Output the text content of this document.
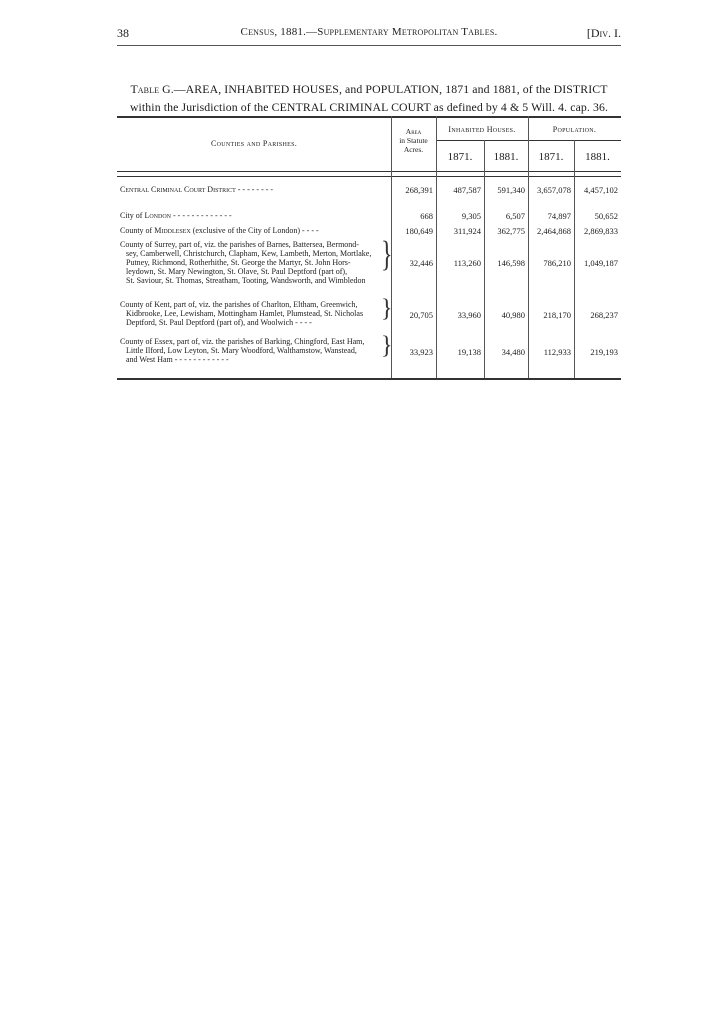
38	Census, 1881.—Supplementary Metropolitan Tables.	[Div. I.
Table G.—AREA, INHABITED HOUSES, and POPULATION, 1871 and 1881, of the DISTRICT
within the Jurisdiction of the CENTRAL CRIMINAL COURT as defined by 4 & 5 Will. 4. cap. 36.
Counties and Parishes.
Area
in Statute
Acres.
Inhabited Houses.	Population.
1871.	1881.	1871.	1881.
Central Criminal Court District - - - - - - - -	268,391	487,587	591,340	3,657,078	4,457,102
City of London - - - - - - - - - - - - -	668	9,305	6,507	74,897	50,652
County of Middlesex (exclusive of the City of London) - - - -	180,649	311,924	362,775	2,464,868	2,869,833
County of Surrey, part of, viz. the parishes of Barnes, Battersea, Bermond-
sey, Camberwell, Christchurch, Clapham, Kew, Lambeth, Merton, Mortlake,
Putney, Richmond, Rotherhithe, St. George the Martyr, St. John Hors-
leydown, St. Mary Newington, St. Olave, St. Paul Deptford (part of),
St. Saviour, St. Thomas, Streatham, Tooting, Wandsworth, and Wimbledon
}	32,446	113,260	146,598	786,210	1,049,187
County of Kent, part of, viz. the parishes of Charlton, Eltham, Greenwich,
Kidbrooke, Lee, Lewisham, Mottingham Hamlet, Plumstead, St. Nicholas
Deptford, St. Paul Deptford (part of), and Woolwich - - - -
}	20,705	33,960	40,980	218,170	268,237
County of Essex, part of, viz. the parishes of Barking, Chingford, East Ham,
Little Ilford, Low Leyton, St. Mary Woodford, Walthamstow, Wanstead,
and West Ham - - - - - - - - - - - -
}	33,923	19,138	34,480	112,933	219,193
